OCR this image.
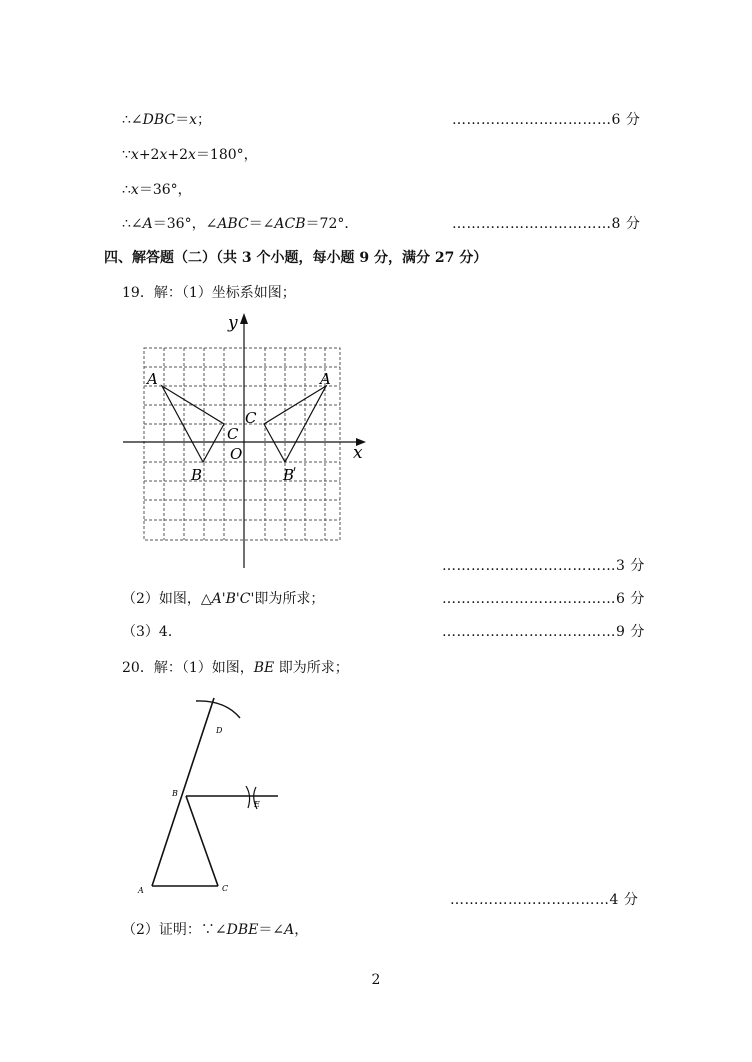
∴∠DBC＝x；	……………………………6 分
∵x+2x+2x＝180°，
∴x＝36°，
∴∠A＝36°，∠ABC＝∠ACB＝72°．	……………………………8 分
四、解答题（二）（共 3 个小题，每小题 9 分，满分 27 分）
19．解：（1）坐标系如图；
y
x
O
A
B
C
A
B
C
………………………………3 分
（2）如图，△A'B'C'即为所求；	………………………………6 分
（3）4．	………………………………9 分
20．解：（1）如图，BE 即为所求；
A
B
C
D
E
……………………………4 分
（2）证明：∵∠DBE＝∠A，
2
